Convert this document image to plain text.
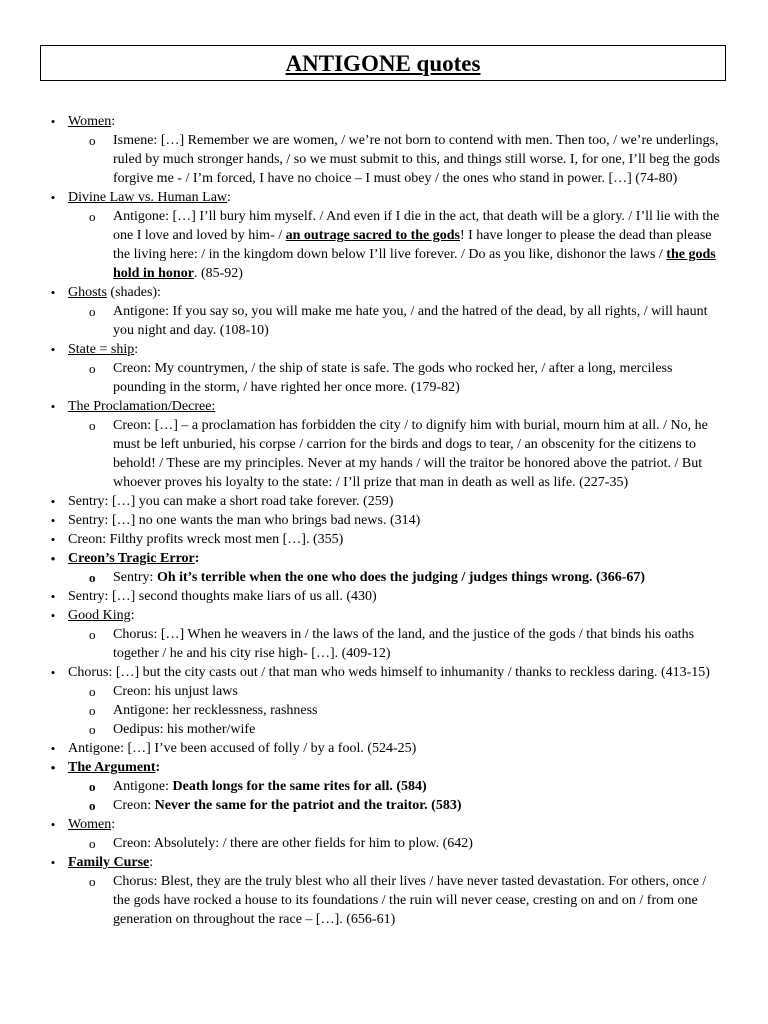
ANTIGONE quotes
• Women:
o Ismene: […] Remember we are women, / we’re not born to contend with men. Then too, / we’re underlings, ruled by much stronger hands, / so we must submit to this, and things still worse. I, for one, I’ll beg the gods forgive me - / I’m forced, I have no choice – I must obey / the ones who stand in power. […] (74-80)
• Divine Law vs. Human Law:
o Antigone: […] I’ll bury him myself. / And even if I die in the act, that death will be a glory. / I’ll lie with the one I love and loved by him- / an outrage sacred to the gods! I have longer to please the dead than please the living here: / in the kingdom down below I’ll live forever. / Do as you like, dishonor the laws / the gods hold in honor. (85-92)
• Ghosts (shades):
o Antigone: If you say so, you will make me hate you, / and the hatred of the dead, by all rights, / will haunt you night and day. (108-10)
• State = ship:
o Creon: My countrymen, / the ship of state is safe. The gods who rocked her, / after a long, merciless pounding in the storm, / have righted her once more. (179-82)
• The Proclamation/Decree:
o Creon: […] – a proclamation has forbidden the city / to dignify him with burial, mourn him at all. / No, he must be left unburied, his corpse / carrion for the birds and dogs to tear, / an obscenity for the citizens to behold! / These are my principles. Never at my hands / will the traitor be honored above the patriot. / But whoever proves his loyalty to the state: / I’ll prize that man in death as well as life. (227-35)
• Sentry: […] you can make a short road take forever. (259)
• Sentry: […] no one wants the man who brings bad news. (314)
• Creon: Filthy profits wreck most men […]. (355)
• Creon’s Tragic Error:
o Sentry: Oh it’s terrible when the one who does the judging / judges things wrong. (366-67)
• Sentry: […] second thoughts make liars of us all. (430)
• Good King:
o Chorus: […] When he weavers in / the laws of the land, and the justice of the gods / that binds his oaths together / he and his city rise high- […]. (409-12)
• Chorus: […] but the city casts out / that man who weds himself to inhumanity / thanks to reckless daring. (413-15)
o Creon: his unjust laws
o Antigone: her recklessness, rashness
o Oedipus: his mother/wife
• Antigone: […] I’ve been accused of folly / by a fool. (524-25)
• The Argument:
o Antigone: Death longs for the same rites for all. (584)
o Creon: Never the same for the patriot and the traitor. (583)
• Women:
o Creon: Absolutely: / there are other fields for him to plow. (642)
• Family Curse:
o Chorus: Blest, they are the truly blest who all their lives / have never tasted devastation. For others, once / the gods have rocked a house to its foundations / the ruin will never cease, cresting on and on / from one generation on throughout the race – […]. (656-61)
